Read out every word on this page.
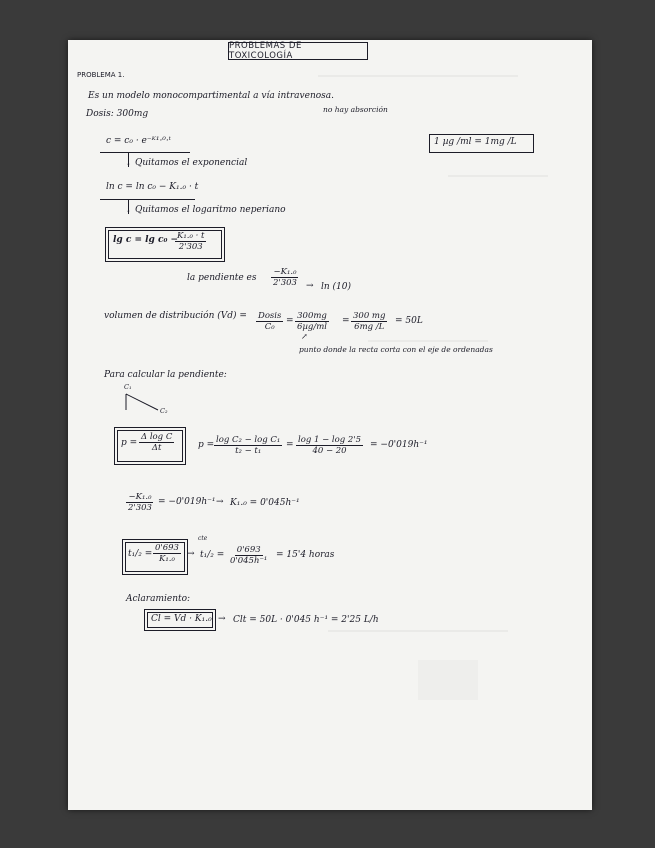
PROBLEMAS DE TOXICOLOGÍA
PROBLEMA 1.
Es un modelo monocompartimental a vía intravenosa.
no hay absorción
Dosis: 300mg
1 µg /ml = 1mg /L
c = c₀ · e⁻ᴷ¹·⁰·ᵗ
↓ Quitamos el exponencial
ln c = ln c₀ − K₁.₀ · t
↓ Quitamos el logaritmo neperiano
lg c = lg c₀ −
$\frac{\text{K₁.₀ · t}}{2'303}$
la pendiente es $\frac{\text{−K₁.₀}}{2'303} \to \ln (10)$
volumen de distribución (Vd) = Dosis
C₀
= 300mg
6µg/ml
= $\frac{300 mg}{6mg /L} = 50L$
↗
punto donde la recta corta con el eje de ordenadas
Para calcular la pendiente:
C₁
C₂
$p = \frac{\text{Δ log C}}{\Delta t}$	$p = \frac{\text{log C₂ − log C₁}}{\text{t₂ − t₁}} = \frac{\log 1 - \log 2'5}{40 - 20} = -0'019h^{-1}$
$\frac{\text{−K₁.₀}}{2'303} = -0'019h^{-1} \to K_1._0 = 0'045h^{-1}$
$t_1/_2 = \frac{0'693}{\text{K₁.₀}}$
cte
→ $t_1/_2 = \frac{0'693}{\text{0'045h⁻¹}} = 15'4$ horas
Aclaramiento:
Cl = Vd · K₁.₀ → Clt = 50L · 0'045 h⁻¹ = 2'25 L/h
